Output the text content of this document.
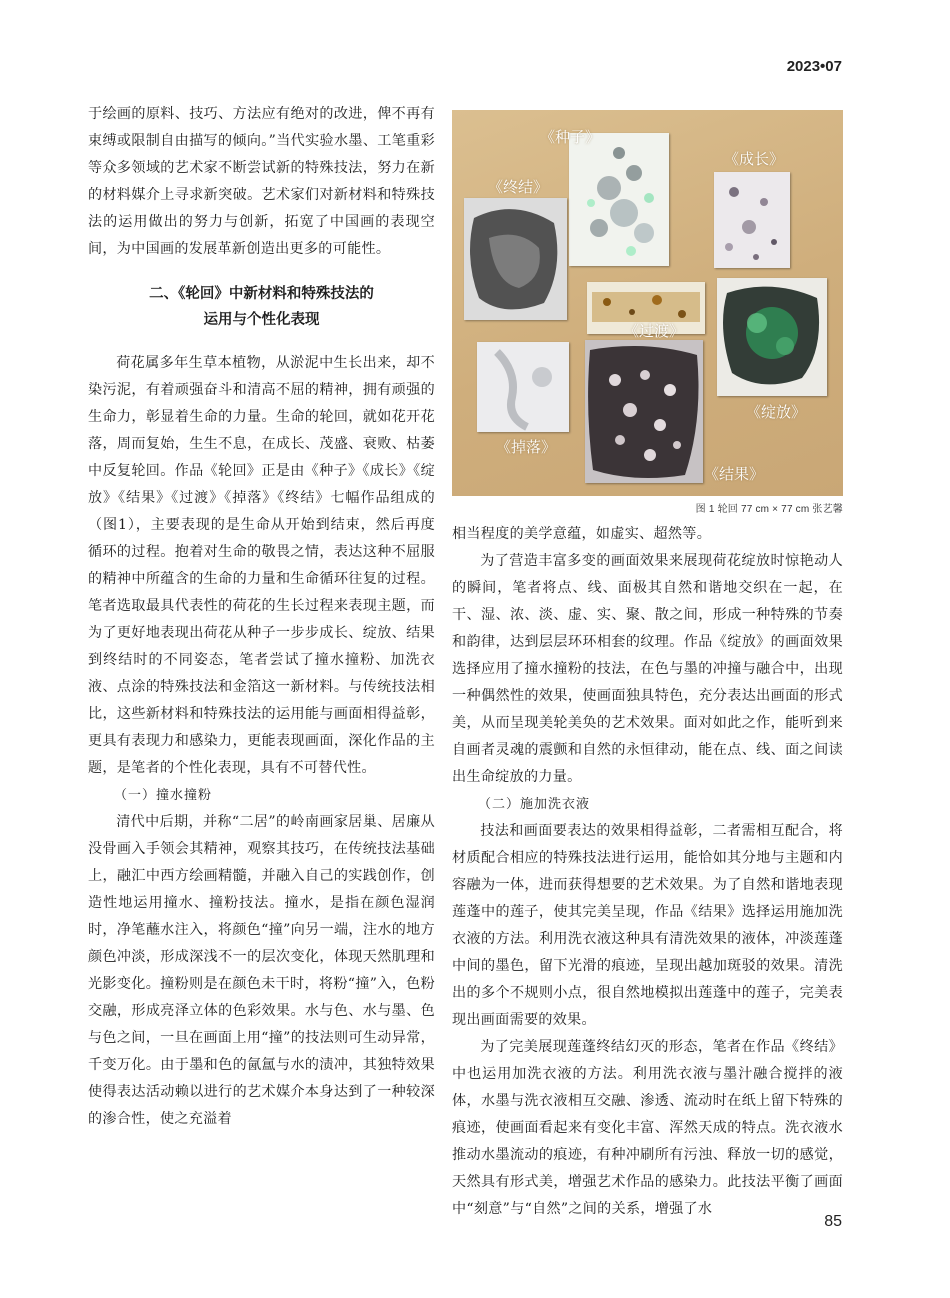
2023•07

于绘画的原料、技巧、方法应有绝对的改进，俾不再有束缚或限制自由描写的倾向。”当代实验水墨、工笔重彩等众多领域的艺术家不断尝试新的特殊技法，努力在新的材料媒介上寻求新突破。艺术家们对新材料和特殊技法的运用做出的努力与创新，拓宽了中国画的表现空间，为中国画的发展革新创造出更多的可能性。

二、《轮回》中新材料和特殊技法的
运用与个性化表现

荷花属多年生草本植物，从淤泥中生长出来，却不染污泥，有着顽强奋斗和清高不屈的精神，拥有顽强的生命力，彰显着生命的力量。生命的轮回，就如花开花落，周而复始，生生不息，在成长、茂盛、衰败、枯萎中反复轮回。作品《轮回》正是由《种子》《成长》《绽放》《结果》《过渡》《掉落》《终结》七幅作品组成的（图1），主要表现的是生命从开始到结束，然后再度循环的过程。抱着对生命的敬畏之情，表达这种不屈服的精神中所蕴含的生命的力量和生命循环往复的过程。笔者选取最具代表性的荷花的生长过程来表现主题，而为了更好地表现出荷花从种子一步步成长、绽放、结果到终结时的不同姿态，笔者尝试了撞水撞粉、加洗衣液、点涂的特殊技法和金箔这一新材料。与传统技法相比，这些新材料和特殊技法的运用能与画面相得益彰，更具有表现力和感染力，更能表现画面，深化作品的主题，是笔者的个性化表现，具有不可替代性。

（一）撞水撞粉

清代中后期，并称“二居”的岭南画家居巢、居廉从没骨画入手领会其精神，观察其技巧，在传统技法基础上，融汇中西方绘画精髓，并融入自己的实践创作，创造性地运用撞水、撞粉技法。撞水，是指在颜色湿润时，净笔蘸水注入，将颜色“撞”向另一端，注水的地方颜色冲淡，形成深浅不一的层次变化，体现天然肌理和光影变化。撞粉则是在颜色未干时，将粉“撞”入，色粉交融，形成亮泽立体的色彩效果。水与色、水与墨、色与色之间，一旦在画面上用“撞”的技法则可生动异常，千变万化。由于墨和色的氤氲与水的渍冲，其独特效果使得表达活动赖以进行的艺术媒介本身达到了一种较深的渗合性，使之充溢着

《种子》
《成长》
《终结》
《过渡》
《掉落》
《绽放》
《结果》
图 1 轮回 77 cm × 77 cm 张艺馨

相当程度的美学意蕴，如虚实、超然等。

为了营造丰富多变的画面效果来展现荷花绽放时惊艳动人的瞬间，笔者将点、线、面极其自然和谐地交织在一起，在干、湿、浓、淡、虚、实、聚、散之间，形成一种特殊的节奏和韵律，达到层层环环相套的纹理。作品《绽放》的画面效果选择应用了撞水撞粉的技法，在色与墨的冲撞与融合中，出现一种偶然性的效果，使画面独具特色，充分表达出画面的形式美，从而呈现美轮美奂的艺术效果。面对如此之作，能听到来自画者灵魂的震颤和自然的永恒律动，能在点、线、面之间读出生命绽放的力量。

（二）施加洗衣液

技法和画面要表达的效果相得益彰，二者需相互配合，将材质配合相应的特殊技法进行运用，能恰如其分地与主题和内容融为一体，进而获得想要的艺术效果。为了自然和谐地表现莲蓬中的莲子，使其完美呈现，作品《结果》选择运用施加洗衣液的方法。利用洗衣液这种具有清洗效果的液体，冲淡莲蓬中间的墨色，留下光滑的痕迹，呈现出越加斑驳的效果。清洗出的多个不规则小点，很自然地模拟出莲蓬中的莲子，完美表现出画面需要的效果。

为了完美展现莲蓬终结幻灭的形态，笔者在作品《终结》中也运用加洗衣液的方法。利用洗衣液与墨汁融合搅拌的液体，水墨与洗衣液相互交融、渗透、流动时在纸上留下特殊的痕迹，使画面看起来有变化丰富、浑然天成的特点。洗衣液水推动水墨流动的痕迹，有种冲刷所有污浊、释放一切的感觉，天然具有形式美，增强艺术作品的感染力。此技法平衡了画面中“刻意”与“自然”之间的关系，增强了水

85
